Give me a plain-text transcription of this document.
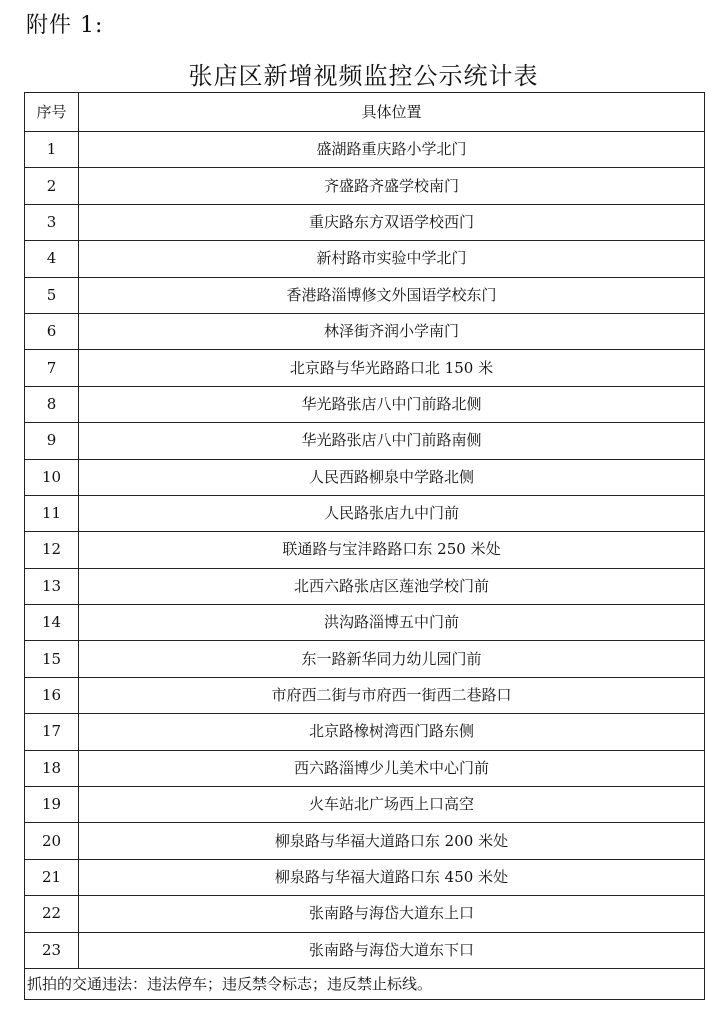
附件 1:
张店区新增视频监控公示统计表
序号	具体位置
1	盛湖路重庆路小学北门
2	齐盛路齐盛学校南门
3	重庆路东方双语学校西门
4	新村路市实验中学北门
5	香港路淄博修文外国语学校东门
6	林泽街齐润小学南门
7	北京路与华光路路口北 150 米
8	华光路张店八中门前路北侧
9	华光路张店八中门前路南侧
10	人民西路柳泉中学路北侧
11	人民路张店九中门前
12	联通路与宝沣路路口东 250 米处
13	北西六路张店区莲池学校门前
14	洪沟路淄博五中门前
15	东一路新华同力幼儿园门前
16	市府西二街与市府西一街西二巷路口
17	北京路橡树湾西门路东侧
18	西六路淄博少儿美术中心门前
19	火车站北广场西上口高空
20	柳泉路与华福大道路口东 200 米处
21	柳泉路与华福大道路口东 450 米处
22	张南路与海岱大道东上口
23	张南路与海岱大道东下口
抓拍的交通违法：违法停车；违反禁令标志；违反禁止标线。	
